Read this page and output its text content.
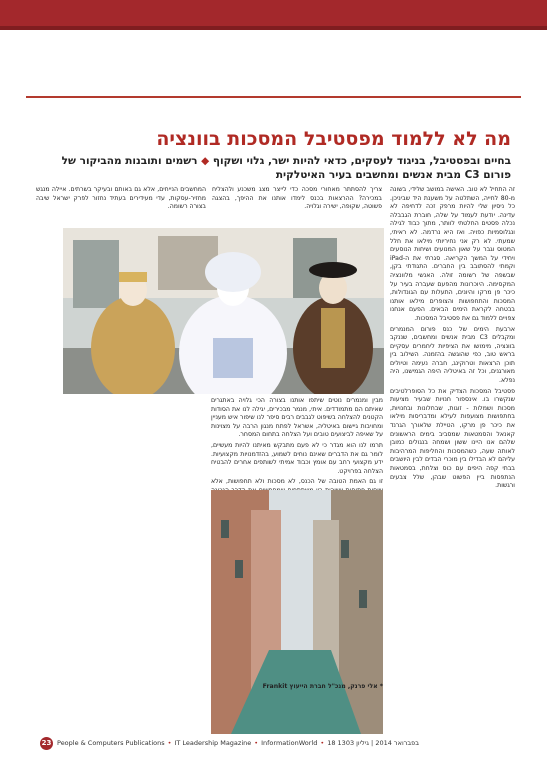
מה לא ללמוד מפסטיבל המסכות בוונציה
בחיים ובפסטיבל, בניגוד לעסקים, כדאי להיות ישר, גלוי ושקוף ◆ רשמים ותובנות מהביקור של
פורום C3 מבית אנשים ומחשבים בעיר האיטלקית

זה התחיל לא טוב. האישה במושב שלידי, בשונה מ-80 לחייה, השתלטה על משענת היד שביניכן. כל ניסיון שלי להיות מרפק זכה לדחיפה לא עדינה. יודעת לעמוד על שלה, חוברת הגבבלה נכלה פסטים החלטתי לוותר, מתוך כבוד לגילה ונגלוסמיות כפויה. ואז היא נרדמה. לא ראיתי, שמעתי. לא רק אני נחיריותי מילאו את חלל המטוס וגבר על שאון המנועים ושיחות הנוסעים ויחידי על המשך הקריאה. סגרתי את ה-iPad וקמתי להסתובב בין החברים. התגודתי בקן, שבשפה של רשומה זולה. האנשי מלוונציה המקסימה. היוכרונות מהפעם שעברה בעיר על כיכר פן מרקו והיונים, התעלות עם הגונדולות, המסכות והתחפושות והצופרים מילאו אותנו בבטחה לקראת הימים הבאים. הפעם אנחנו צפויים ללמוד גם את פסטיבל המסכות.

ארבעת הימים של כנס פורום המנמרים ומקבלים C3 מבית אנשים ומחשבים, שננקב בוונציה, מימושו את הציפיות ליחמרים עסקיים בראש טוב, כפי שהוגשה בהזמנה. השילוב בין תוכן הרצאות וטרוקינג, חברה נעימה וטיולים מאורגנים, וכל זה באיטליה היפה הגמישנו, היה נפלא.

פסטיבל המסכות הצדיק את כל הסופרלטיבים שנקשרו בו. אינספור חנויות שבעיר מציעות מסכות ושמלות - זוגות, שבחלונות ובחנויות, בחתפושות מצועפות לעילא ומדבריסות מילאו את כיכר פן מרקו, הטיילת שלאורך הגרנד קאנאל והסמטאות שמסביב בימים הראשונים שלהם אנו היינו ששון ושמחה בנגולים כמובן לאותה שעה, כשהמסכות והחליפות המרהיבות עליהם לא הבדילו בין מוכרי הבדים לבין היושבים בבתי קפה היפים עם כוס וצלחת, בסמטאות הנתפסות ביין הפשוט שבהן, שלל צבעים ורגשות.

צריך להסתתר מאחורי מסכה כדי לייצר מצג משכנע ולהצליח במכירה? ההרצאות בכנס לימדו אותנו את ההיפך, בהצגה פשוטה, שקופה, ישירה וגלויה.

המחשבים הנייחים, אלא גם באותם ובעיקר בשרתים. איילה מנגש מחזיר-עסקות, עדי מעידירים בעתיד נחזור לפרק ישראל שיבה בצורה רשומה.

מבין ומנמרים נוטים שיתפו אותנו בצורה הכי גלויה באתגרים שאיתם הם מתמודדים. איתי, מנמר מבכירים, יגילה לנו את הסודות הקטנים להצלחה בשיפוט לגבבים רבים סיפר לנו שיפור איש מעניין ומחויבות גיישום באיטליה, אשראל לפתח מנגון הרבה על מצוינות על שאיפה לביצועים טובים ועל הצלחה בתחום המסחר.

תרמו לנו הוא מגדר כי לא פעם מתבקש מאיתנו להיות מעשיים, לומר גם את הדברים שאינם נוחים לשמוע, בהזדמנויות מקצועיות. ידע מקצועי רחב עם אומץ וכבוד אמיתי לשותפים אחרים להבטיח הצלחה בפרויקט.

זו גם האמת הטובה של הכנס, לא מסכות ולא תחפושות, אלא

* אלי פרנק, מנכ"ל חברת הייעוץ Frankit
23 People & Computers Publications • IT Leadership Magazine • InformationWorld • 18 בפברואר 2014 | גיליון 1303
